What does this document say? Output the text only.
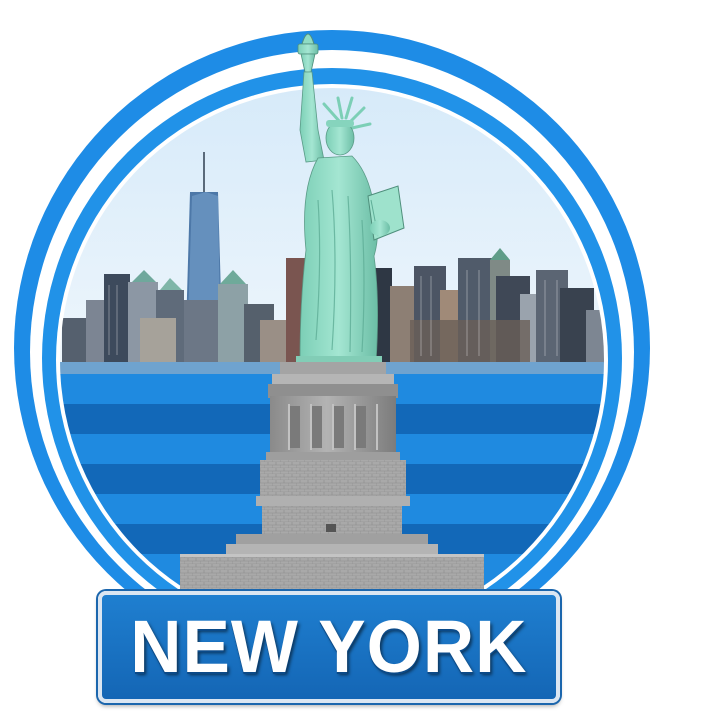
NEW YORK
